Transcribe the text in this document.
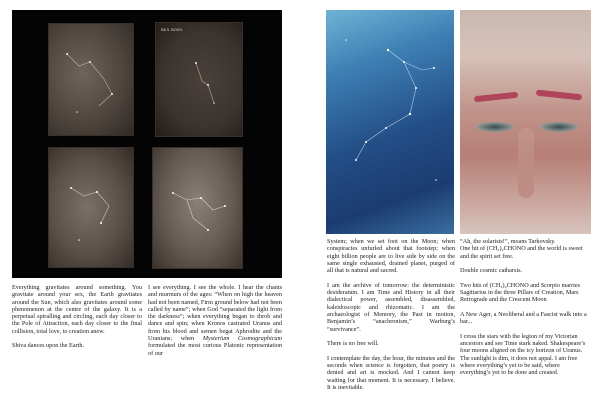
ВЕЛ. ВОЛН.

Everything gravitates around something. You gravitate around your sex, the Earth gravitates around the Sun, which also gravitates around some phenomenon at the centre of the galaxy. It is a perpetual spiralling and circling, each day closer to the Pole of Attraction, each day closer to the final collision, total love, to creation anew.

Shiva dances upon the Earth.

I see everything. I see the whole. I hear the chants and murmurs of the ages: “When on high the heaven had not been named, Firm ground below had not been called by name”; when God “separated the light from the darkness”; when everything began to throb and dance and spin; when Kronos castrated Uranus and from his blood and semen begat Aphrodite and the Uranians; when Mysterium Cosmographicum formulated the most curious Platonic representation of our

System; when we set foot on the Moon; when conspiracies unfurled about that footstep; when eight billion people are to live side by side on the same single exhausted, drained planet, purged of all that is natural and sacred.

I am the archive of tomorrow: the deterministic desideratum. I am Time and History in all their dialectical power, assembled, disassembled, kaleidoscopic and rhizomatic. I am the archaeologist of Memory, the Past in motion, Benjamin’s “anachronism,” Warburg’s “survivance”.

There is no free will.

I contemplate the day, the hour, the minutes and the seconds when science is forgotten, that poetry is denied and art is mocked. And I cannot keep waiting for that moment. It is necessary. I believe. It is inevitable.

“Ah, the solarists!”, moans Tarkovsky.

One hit of (CH₃)₂CHONO and the world is sweet and the spirit set free.

Double cosmic catharsis.

Two hits of (CH₃)₂CHONO and Scorpio marries Sagittarius in the three Pillars of Creation, Mars Retrograde and the Crescent Moon

A New Ager, a Neoliberal and a Fascist walk into a bar...

I cross the stars with the legion of my Victorian ancestors and see Time stark naked. Shakespeare’s four moons aligned on the icy horizon of Uranus. The sunlight is dim, it does not appal. I am free where everything’s yet to be said, where everything’s yet to be done and created.
